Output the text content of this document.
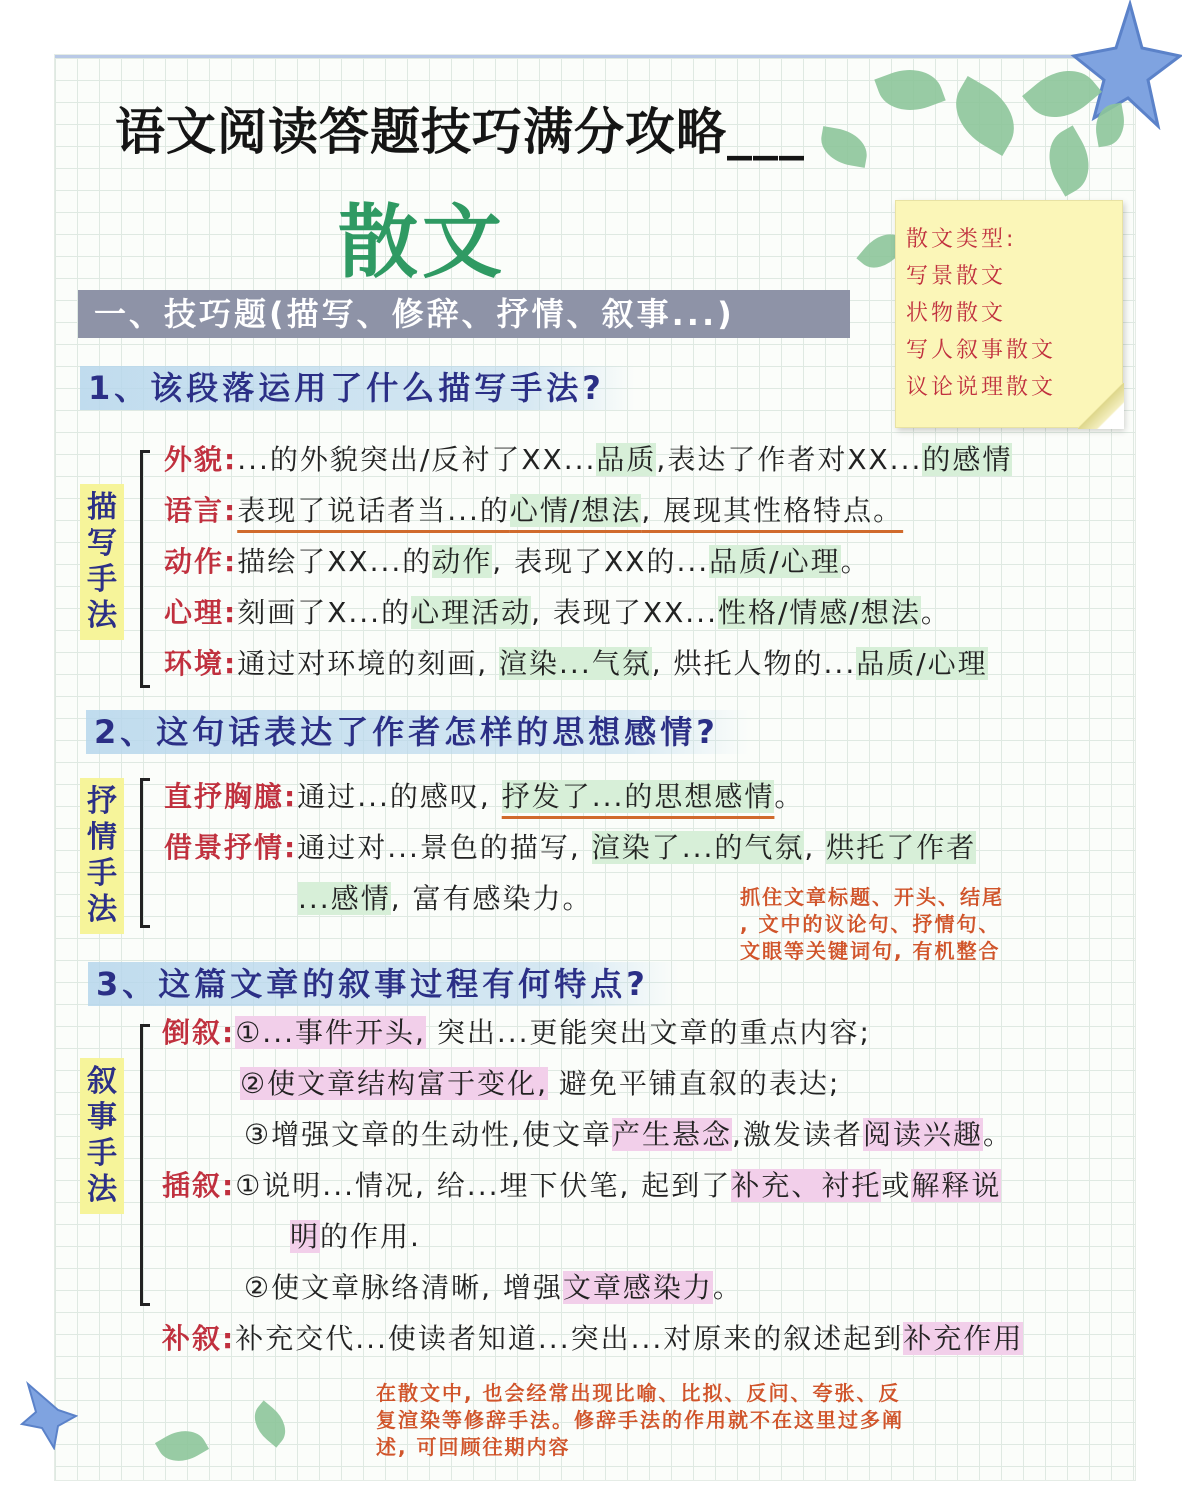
语文阅读答题技巧满分攻略___
散文	散文类型:
写景散文
状物散文
写人叙事散文
议论说理散文
一、技巧题(描写、修辞、抒情、叙事...)
1、该段落运用了什么描写手法?
描
写
手
法
外貌:...的外貌突出/反衬了XX...品质,表达了作者对XX...的感情
语言:表现了说话者当...的心情/想法, 展现其性格特点。
动作:描绘了XX...的动作, 表现了XX的...品质/心理。
心理:刻画了X...的心理活动, 表现了XX...性格/情感/想法。
环境:通过对环境的刻画, 渲染...气氛, 烘托人物的...品质/心理
2、这句话表达了作者怎样的思想感情?
抒
情
手
法
直抒胸臆:通过...的感叹, 抒发了...的思想感情。
借景抒情:通过对...景色的描写, 渲染了...的气氛, 烘托了作者
...感情, 富有感染力。	抓住文章标题、开头、结尾
, 文中的议论句、抒情句、
文眼等关键词句, 有机整合
3、这篇文章的叙事过程有何特点?
叙
事
手
法
倒叙:①...事件开头, 突出...更能突出文章的重点内容;
②使文章结构富于变化, 避免平铺直叙的表达;
③增强文章的生动性,使文章产生悬念,激发读者阅读兴趣。
插叙:①说明...情况, 给...埋下伏笔, 起到了补充、衬托或解释说
明的作用.
②使文章脉络清晰, 增强文章感染力。
补叙:补充交代...使读者知道...突出...对原来的叙述起到补充作用
在散文中, 也会经常出现比喻、比拟、反问、夸张、反
复渲染等修辞手法。修辞手法的作用就不在这里过多阐
述, 可回顾往期内容
